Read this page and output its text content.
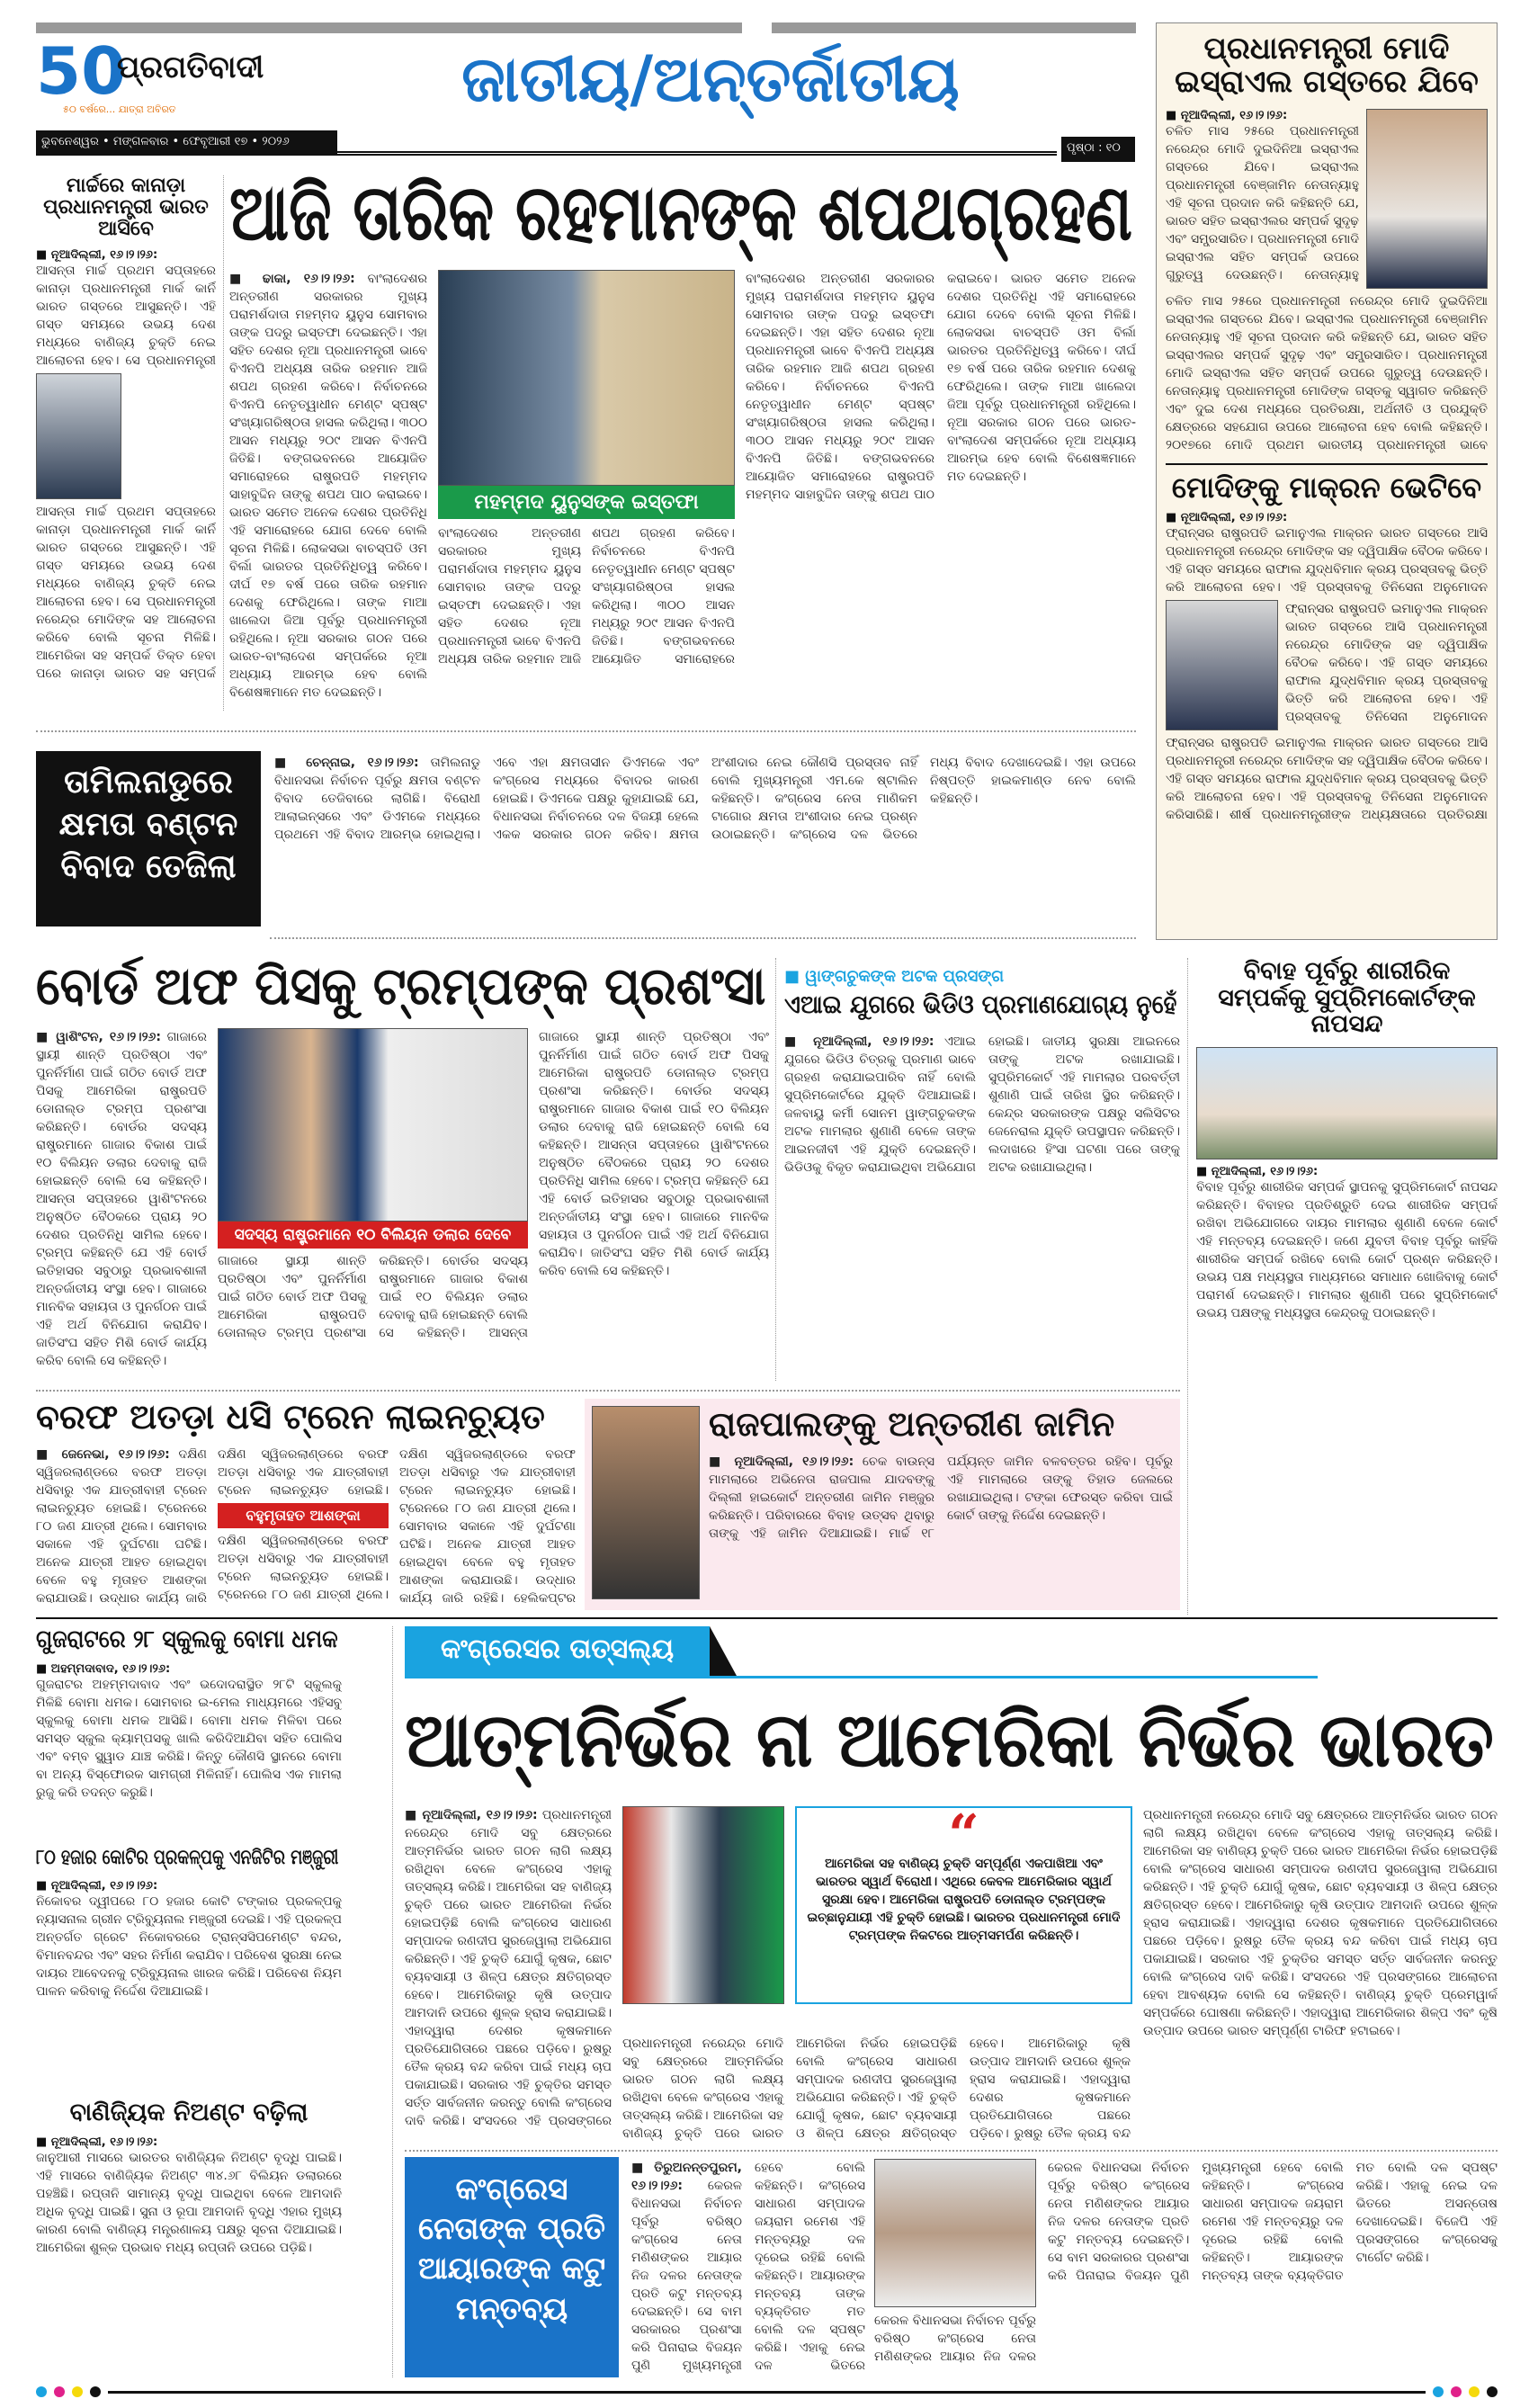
50
ପ୍ରଗତିବାଦୀ
୫୦ ବର୍ଷରେ... ଯାତ୍ରା ଅବିରତ	ଜାତୀୟ/ଅନ୍ତର୍ଜାତୀୟ
ଭୁବନେଶ୍ୱର • ମଙ୍ଗଳବାର • ଫେବୃଆରୀ ୧୭ • ୨୦୨୬	ପୃଷ୍ଠା : ୧୦
ମାର୍ଚ୍ଚରେ କାନାଡ଼ା ପ୍ରଧାନମନ୍ତ୍ରୀ ଭାରତ ଆସିବେ
■ ନୂଆଦିଲ୍ଲୀ, ୧୬।୨।୨୬:
ଆସନ୍ତା ମାର୍ଚ୍ଚ ପ୍ରଥମ ସପ୍ତାହରେ କାନାଡ଼ା ପ୍ରଧାନମନ୍ତ୍ରୀ ମାର୍କ କାର୍ନି ଭାରତ ଗସ୍ତରେ ଆସୁଛନ୍ତି। ଏହି ଗସ୍ତ ସମୟରେ ଉଭୟ ଦେଶ ମଧ୍ୟରେ ବାଣିଜ୍ୟ ଚୁକ୍ତି ନେଇ ଆଲୋଚନା ହେବ। ସେ ପ୍ରଧାନମନ୍ତ୍ରୀ
ଆସନ୍ତା ମାର୍ଚ୍ଚ ପ୍ରଥମ ସପ୍ତାହରେ କାନାଡ଼ା ପ୍ରଧାନମନ୍ତ୍ରୀ ମାର୍କ କାର୍ନି ଭାରତ ଗସ୍ତରେ ଆସୁଛନ୍ତି। ଏହି ଗସ୍ତ ସମୟରେ ଉଭୟ ଦେଶ ମଧ୍ୟରେ ବାଣିଜ୍ୟ ଚୁକ୍ତି ନେଇ ଆଲୋଚନା ହେବ। ସେ ପ୍ରଧାନମନ୍ତ୍ରୀ ନରେନ୍ଦ୍ର ମୋଦିଙ୍କ ସହ ଆଲୋଚନା କରିବେ ବୋଲି ସୂଚନା ମିଳିଛି। ଆମେରିକା ସହ ସମ୍ପର୍କ ତିକ୍ତ ହେବା ପରେ କାନାଡ଼ା ଭାରତ ସହ ସମ୍ପର୍କ
ଆଜି ତାରିକ ରହମାନଙ୍କ ଶପଥଗ୍ରହଣ
■ ଢାକା, ୧୬।୨।୨୬: ବାଂଲାଦେଶର ଅନ୍ତରୀଣ ସରକାରର ମୁଖ୍ୟ ପରାମର୍ଶଦାତା ମହମ୍ମଦ ୟୁନୁସ ସୋମବାର ତାଙ୍କ ପଦରୁ ଇସ୍ତଫା ଦେଇଛନ୍ତି। ଏହା ସହିତ ଦେଶର ନୂଆ ପ୍ରଧାନମନ୍ତ୍ରୀ ଭାବେ ବିଏନପି ଅଧ୍ୟକ୍ଷ ତାରିକ ରହମାନ ଆଜି ଶପଥ ଗ୍ରହଣ କରିବେ। ନିର୍ବାଚନରେ ବିଏନପି ନେତୃତ୍ୱାଧୀନ ମେଣ୍ଟ ସ୍ପଷ୍ଟ ସଂଖ୍ୟାଗରିଷ୍ଠତା ହାସଲ କରିଥିଲା। ୩୦୦ ଆସନ ମଧ୍ୟରୁ ୨୦୯ ଆସନ ବିଏନପି ଜିତିଛି। ବଙ୍ଗଭବନରେ ଆୟୋଜିତ ସମାରୋହରେ ରାଷ୍ଟ୍ରପତି ମହମ୍ମଦ ସାହାବୁଦ୍ଦିନ ତାଙ୍କୁ ଶପଥ ପାଠ କରାଇବେ। ଭାରତ ସମେତ ଅନେକ ଦେଶର ପ୍ରତିନିଧି ଏହି ସମାରୋହରେ ଯୋଗ ଦେବେ ବୋଲି ସୂଚନା ମିଳିଛି। ଲୋକସଭା ବାଚସ୍ପତି ଓମ ବିର୍ଲା ଭାରତର ପ୍ରତିନିଧିତ୍ୱ କରିବେ। ଦୀର୍ଘ ୧୭ ବର୍ଷ ପରେ ତାରିକ ରହମାନ ଦେଶକୁ ଫେରିଥିଲେ। ତାଙ୍କ ମାଆ ଖାଲେଦା ଜିଆ ପୂର୍ବରୁ ପ୍ରଧାନମନ୍ତ୍ରୀ ରହିଥିଲେ। ନୂଆ ସରକାର ଗଠନ ପରେ ଭାରତ-ବାଂଲାଦେଶ ସମ୍ପର୍କରେ ନୂଆ ଅଧ୍ୟାୟ ଆରମ୍ଭ ହେବ ବୋଲି ବିଶେଷଜ୍ଞମାନେ ମତ ଦେଇଛନ୍ତି।
ମହମ୍ମଦ ୟୁନୁସଙ୍କ ଇସ୍ତଫା
ବାଂଲାଦେଶର ଅନ୍ତରୀଣ ସରକାରର ମୁଖ୍ୟ ପରାମର୍ଶଦାତା ମହମ୍ମଦ ୟୁନୁସ ସୋମବାର ତାଙ୍କ ପଦରୁ ଇସ୍ତଫା ଦେଇଛନ୍ତି। ଏହା ସହିତ ଦେଶର ନୂଆ ପ୍ରଧାନମନ୍ତ୍ରୀ ଭାବେ ବିଏନପି ଅଧ୍ୟକ୍ଷ ତାରିକ ରହମାନ ଆଜି ଶପଥ ଗ୍ରହଣ କରିବେ। ନିର୍ବାଚନରେ ବିଏନପି ନେତୃତ୍ୱାଧୀନ ମେଣ୍ଟ ସ୍ପଷ୍ଟ ସଂଖ୍ୟାଗରିଷ୍ଠତା ହାସଲ କରିଥିଲା। ୩୦୦ ଆସନ ମଧ୍ୟରୁ ୨୦୯ ଆସନ ବିଏନପି ଜିତିଛି। ବଙ୍ଗଭବନରେ ଆୟୋଜିତ ସମାରୋହରେ
ବାଂଲାଦେଶର ଅନ୍ତରୀଣ ସରକାରର ମୁଖ୍ୟ ପରାମର୍ଶଦାତା ମହମ୍ମଦ ୟୁନୁସ ସୋମବାର ତାଙ୍କ ପଦରୁ ଇସ୍ତଫା ଦେଇଛନ୍ତି। ଏହା ସହିତ ଦେଶର ନୂଆ ପ୍ରଧାନମନ୍ତ୍ରୀ ଭାବେ ବିଏନପି ଅଧ୍ୟକ୍ଷ ତାରିକ ରହମାନ ଆଜି ଶପଥ ଗ୍ରହଣ କରିବେ। ନିର୍ବାଚନରେ ବିଏନପି ନେତୃତ୍ୱାଧୀନ ମେଣ୍ଟ ସ୍ପଷ୍ଟ ସଂଖ୍ୟାଗରିଷ୍ଠତା ହାସଲ କରିଥିଲା। ୩୦୦ ଆସନ ମଧ୍ୟରୁ ୨୦୯ ଆସନ ବିଏନପି ଜିତିଛି। ବଙ୍ଗଭବନରେ ଆୟୋଜିତ ସମାରୋହରେ ରାଷ୍ଟ୍ରପତି ମହମ୍ମଦ ସାହାବୁଦ୍ଦିନ ତାଙ୍କୁ ଶପଥ ପାଠ କରାଇବେ। ଭାରତ ସମେତ ଅନେକ ଦେଶର ପ୍ରତିନିଧି ଏହି ସମାରୋହରେ ଯୋଗ ଦେବେ ବୋଲି ସୂଚନା ମିଳିଛି। ଲୋକସଭା ବାଚସ୍ପତି ଓମ ବିର୍ଲା ଭାରତର ପ୍ରତିନିଧିତ୍ୱ କରିବେ। ଦୀର୍ଘ ୧୭ ବର୍ଷ ପରେ ତାରିକ ରହମାନ ଦେଶକୁ ଫେରିଥିଲେ। ତାଙ୍କ ମାଆ ଖାଲେଦା ଜିଆ ପୂର୍ବରୁ ପ୍ରଧାନମନ୍ତ୍ରୀ ରହିଥିଲେ। ନୂଆ ସରକାର ଗଠନ ପରେ ଭାରତ-ବାଂଲାଦେଶ ସମ୍ପର୍କରେ ନୂଆ ଅଧ୍ୟାୟ ଆରମ୍ଭ ହେବ ବୋଲି ବିଶେଷଜ୍ଞମାନେ ମତ ଦେଇଛନ୍ତି।
ପ୍ରଧାନମନ୍ତ୍ରୀ ମୋଦି ଇସ୍ରାଏଲ ଗସ୍ତରେ ଯିବେ
■ ନୂଆଦିଲ୍ଲୀ, ୧୬।୨।୨୬:
ଚଳିତ ମାସ ୨୫ରେ ପ୍ରଧାନମନ୍ତ୍ରୀ ନରେନ୍ଦ୍ର ମୋଦି ଦୁଇଦିନିଆ ଇସ୍ରାଏଲ ଗସ୍ତରେ ଯିବେ। ଇସ୍ରାଏଲ ପ୍ରଧାନମନ୍ତ୍ରୀ ବେଞ୍ଜାମିନ ନେତାନ୍ୟାହୁ ଏହି ସୂଚନା ପ୍ରଦାନ କରି କହିଛନ୍ତି ଯେ, ଭାରତ ସହିତ ଇସ୍ରାଏଲର ସମ୍ପର୍କ ସୁଦୃଢ଼ ଏବଂ ସମ୍ପ୍ରସାରିତ। ପ୍ରଧାନମନ୍ତ୍ରୀ ମୋଦି ଇସ୍ରାଏଲ ସହିତ ସମ୍ପର୍କ ଉପରେ ଗୁରୁତ୍ୱ ଦେଉଛନ୍ତି। ନେତାନ୍ୟାହୁ
ଚଳିତ ମାସ ୨୫ରେ ପ୍ରଧାନମନ୍ତ୍ରୀ ନରେନ୍ଦ୍ର ମୋଦି ଦୁଇଦିନିଆ ଇସ୍ରାଏଲ ଗସ୍ତରେ ଯିବେ। ଇସ୍ରାଏଲ ପ୍ରଧାନମନ୍ତ୍ରୀ ବେଞ୍ଜାମିନ ନେତାନ୍ୟାହୁ ଏହି ସୂଚନା ପ୍ରଦାନ କରି କହିଛନ୍ତି ଯେ, ଭାରତ ସହିତ ଇସ୍ରାଏଲର ସମ୍ପର୍କ ସୁଦୃଢ଼ ଏବଂ ସମ୍ପ୍ରସାରିତ। ପ୍ରଧାନମନ୍ତ୍ରୀ ମୋଦି ଇସ୍ରାଏଲ ସହିତ ସମ୍ପର୍କ ଉପରେ ଗୁରୁତ୍ୱ ଦେଉଛନ୍ତି। ନେତାନ୍ୟାହୁ ପ୍ରଧାନମନ୍ତ୍ରୀ ମୋଦିଙ୍କ ଗସ୍ତକୁ ସ୍ୱାଗତ କରିଛନ୍ତି ଏବଂ ଦୁଇ ଦେଶ ମଧ୍ୟରେ ପ୍ରତିରକ୍ଷା, ଅର୍ଥନୀତି ଓ ପ୍ରଯୁକ୍ତି କ୍ଷେତ୍ରରେ ସହଯୋଗ ଉପରେ ଆଲୋଚନା ହେବ ବୋଲି କହିଛନ୍ତି। ୨୦୧୭ରେ ମୋଦି ପ୍ରଥମ ଭାରତୀୟ ପ୍ରଧାନମନ୍ତ୍ରୀ ଭାବେ
ମୋଦିଙ୍କୁ ମାକ୍ରନ ଭେଟିବେ
■ ନୂଆଦିଲ୍ଲୀ, ୧୬।୨।୨୬:
ଫ୍ରାନ୍ସର ରାଷ୍ଟ୍ରପତି ଇମାନୁଏଲ ମାକ୍ରନ ଭାରତ ଗସ୍ତରେ ଆସି ପ୍ରଧାନମନ୍ତ୍ରୀ ନରେନ୍ଦ୍ର ମୋଦିଙ୍କ ସହ ଦ୍ୱିପାକ୍ଷିକ ବୈଠକ କରିବେ। ଏହି ଗସ୍ତ ସମୟରେ ରାଫାଲ ଯୁଦ୍ଧବିମାନ କ୍ରୟ ପ୍ରସ୍ତାବକୁ ଭିତ୍ତି କରି ଆଲୋଚନା ହେବ। ଏହି ପ୍ରସ୍ତାବକୁ ତିନିସେନା ଅନୁମୋଦନ
ଫ୍ରାନ୍ସର ରାଷ୍ଟ୍ରପତି ଇମାନୁଏଲ ମାକ୍ରନ ଭାରତ ଗସ୍ତରେ ଆସି ପ୍ରଧାନମନ୍ତ୍ରୀ ନରେନ୍ଦ୍ର ମୋଦିଙ୍କ ସହ ଦ୍ୱିପାକ୍ଷିକ ବୈଠକ କରିବେ। ଏହି ଗସ୍ତ ସମୟରେ ରାଫାଲ ଯୁଦ୍ଧବିମାନ କ୍ରୟ ପ୍ରସ୍ତାବକୁ ଭିତ୍ତି କରି ଆଲୋଚନା ହେବ। ଏହି ପ୍ରସ୍ତାବକୁ ତିନିସେନା ଅନୁମୋଦନ
ଫ୍ରାନ୍ସର ରାଷ୍ଟ୍ରପତି ଇମାନୁଏଲ ମାକ୍ରନ ଭାରତ ଗସ୍ତରେ ଆସି ପ୍ରଧାନମନ୍ତ୍ରୀ ନରେନ୍ଦ୍ର ମୋଦିଙ୍କ ସହ ଦ୍ୱିପାକ୍ଷିକ ବୈଠକ କରିବେ। ଏହି ଗସ୍ତ ସମୟରେ ରାଫାଲ ଯୁଦ୍ଧବିମାନ କ୍ରୟ ପ୍ରସ୍ତାବକୁ ଭିତ୍ତି କରି ଆଲୋଚନା ହେବ। ଏହି ପ୍ରସ୍ତାବକୁ ତିନିସେନା ଅନୁମୋଦନ କରିସାରିଛି। ଶୀର୍ଷ ପ୍ରଧାନମନ୍ତ୍ରୀଙ୍କ ଅଧ୍ୟକ୍ଷତାରେ ପ୍ରତିରକ୍ଷା
ତାମିଲନାଡୁରେ କ୍ଷମତା ବଣ୍ଟନ ବିବାଦ ତେଜିଲା
■ ଚେନ୍ନାଇ, ୧୬।୨।୨୬: ତାମିଲନାଡୁ ବିଧାନସଭା ନିର୍ବାଚନ ପୂର୍ବରୁ କ୍ଷମତା ବଣ୍ଟନ ବିବାଦ ତେଜିବାରେ ଲାଗିଛି। ବିରୋଧୀ ଆଲାଇନ୍ସରେ ଏବଂ ଡିଏମକେ ମଧ୍ୟରେ ପ୍ରଥମେ ଏହି ବିବାଦ ଆରମ୍ଭ ହୋଇଥିଲା। ଏବେ ଏହା କ୍ଷମତାସୀନ ଡିଏମକେ ଏବଂ କଂଗ୍ରେସ ମଧ୍ୟରେ ବିବାଦର କାରଣ ହୋଇଛି। ଡିଏମକେ ପକ୍ଷରୁ କୁହାଯାଇଛି ଯେ, ବିଧାନସଭା ନିର୍ବାଚନରେ ଦଳ ବିଜୟୀ ହେଲେ ଏକକ ସରକାର ଗଠନ କରିବ। କ୍ଷମତା ଅଂଶୀଦାର ନେଇ କୌଣସି ପ୍ରସ୍ତାବ ନାହିଁ ବୋଲି ମୁଖ୍ୟମନ୍ତ୍ରୀ ଏମ.କେ ଷ୍ଟାଲିନ କହିଛନ୍ତି। କଂଗ୍ରେସ ନେତା ମାଣିକମ ଟାଗୋର କ୍ଷମତା ଅଂଶୀଦାର ନେଇ ପ୍ରଶ୍ନ ଉଠାଇଛନ୍ତି। କଂଗ୍ରେସ ଦଳ ଭିତରେ ମଧ୍ୟ ବିବାଦ ଦେଖାଦେଇଛି। ଏହା ଉପରେ ନିଷ୍ପତ୍ତି ହାଇକମାଣ୍ଡ ନେବ ବୋଲି କହିଛନ୍ତି।
ବୋର୍ଡ ଅଫ ପିସକୁ ଟ୍ରମ୍ପଙ୍କ ପ୍ରଶଂସା
■ ୱାଶିଂଟନ, ୧୬।୨।୨୬: ଗାଜାରେ ସ୍ଥାୟୀ ଶାନ୍ତି ପ୍ରତିଷ୍ଠା ଏବଂ ପୁନର୍ନିର୍ମାଣ ପାଇଁ ଗଠିତ ବୋର୍ଡ ଅଫ ପିସକୁ ଆମେରିକା ରାଷ୍ଟ୍ରପତି ଡୋନାଲ୍ଡ ଟ୍ରମ୍ପ ପ୍ରଶଂସା କରିଛନ୍ତି। ବୋର୍ଡର ସଦସ୍ୟ ରାଷ୍ଟ୍ରମାନେ ଗାଜାର ବିକାଶ ପାଇଁ ୧୦ ବିଲିୟନ ଡଲାର ଦେବାକୁ ରାଜି ହୋଇଛନ୍ତି ବୋଲି ସେ କହିଛନ୍ତି। ଆସନ୍ତା ସପ୍ତାହରେ ୱାଶିଂଟନରେ ଅନୁଷ୍ଠିତ ବୈଠକରେ ପ୍ରାୟ ୨୦ ଦେଶର ପ୍ରତିନିଧି ସାମିଲ ହେବେ। ଟ୍ରମ୍ପ କହିଛନ୍ତି ଯେ ଏହି ବୋର୍ଡ ଇତିହାସର ସବୁଠାରୁ ପ୍ରଭାବଶାଳୀ ଅନ୍ତର୍ଜାତୀୟ ସଂସ୍ଥା ହେବ। ଗାଜାରେ ମାନବିକ ସହାୟତା ଓ ପୁନର୍ଗଠନ ପାଇଁ ଏହି ଅର୍ଥ ବିନିଯୋଗ କରାଯିବ। ଜାତିସଂଘ ସହିତ ମିଶି ବୋର୍ଡ କାର୍ଯ୍ୟ କରିବ ବୋଲି ସେ କହିଛନ୍ତି।
ସଦସ୍ୟ ରାଷ୍ଟ୍ରମାନେ ୧୦ ବିଲିୟନ ଡଲାର ଦେବେ
ଗାଜାରେ ସ୍ଥାୟୀ ଶାନ୍ତି ପ୍ରତିଷ୍ଠା ଏବଂ ପୁନର୍ନିର୍ମାଣ ପାଇଁ ଗଠିତ ବୋର୍ଡ ଅଫ ପିସକୁ ଆମେରିକା ରାଷ୍ଟ୍ରପତି ଡୋନାଲ୍ଡ ଟ୍ରମ୍ପ ପ୍ରଶଂସା କରିଛନ୍ତି। ବୋର୍ଡର ସଦସ୍ୟ ରାଷ୍ଟ୍ରମାନେ ଗାଜାର ବିକାଶ ପାଇଁ ୧୦ ବିଲିୟନ ଡଲାର ଦେବାକୁ ରାଜି ହୋଇଛନ୍ତି ବୋଲି ସେ କହିଛନ୍ତି। ଆସନ୍ତା
ଗାଜାରେ ସ୍ଥାୟୀ ଶାନ୍ତି ପ୍ରତିଷ୍ଠା ଏବଂ ପୁନର୍ନିର୍ମାଣ ପାଇଁ ଗଠିତ ବୋର୍ଡ ଅଫ ପିସକୁ ଆମେରିକା ରାଷ୍ଟ୍ରପତି ଡୋନାଲ୍ଡ ଟ୍ରମ୍ପ ପ୍ରଶଂସା କରିଛନ୍ତି। ବୋର୍ଡର ସଦସ୍ୟ ରାଷ୍ଟ୍ରମାନେ ଗାଜାର ବିକାଶ ପାଇଁ ୧୦ ବିଲିୟନ ଡଲାର ଦେବାକୁ ରାଜି ହୋଇଛନ୍ତି ବୋଲି ସେ କହିଛନ୍ତି। ଆସନ୍ତା ସପ୍ତାହରେ ୱାଶିଂଟନରେ ଅନୁଷ୍ଠିତ ବୈଠକରେ ପ୍ରାୟ ୨୦ ଦେଶର ପ୍ରତିନିଧି ସାମିଲ ହେବେ। ଟ୍ରମ୍ପ କହିଛନ୍ତି ଯେ ଏହି ବୋର୍ଡ ଇତିହାସର ସବୁଠାରୁ ପ୍ରଭାବଶାଳୀ ଅନ୍ତର୍ଜାତୀୟ ସଂସ୍ଥା ହେବ। ଗାଜାରେ ମାନବିକ ସହାୟତା ଓ ପୁନର୍ଗଠନ ପାଇଁ ଏହି ଅର୍ଥ ବିନିଯୋଗ କରାଯିବ। ଜାତିସଂଘ ସହିତ ମିଶି ବୋର୍ଡ କାର୍ଯ୍ୟ କରିବ ବୋଲି ସେ କହିଛନ୍ତି।
■ ୱାଙ୍ଗଚୁକଙ୍କ ଅଟକ ପ୍ରସଙ୍ଗ
ଏଆଇ ଯୁଗରେ ଭିଡିଓ ପ୍ରମାଣଯୋଗ୍ୟ ନୁହେଁ
■ ନୂଆଦିଲ୍ଲୀ, ୧୬।୨।୨୬: ଏଆଇ ଯୁଗରେ ଭିଡିଓ ଚିତ୍ରକୁ ପ୍ରମାଣ ଭାବେ ଗ୍ରହଣ କରାଯାଇପାରିବ ନାହିଁ ବୋଲି ସୁପ୍ରିମକୋର୍ଟରେ ଯୁକ୍ତି ଦିଆଯାଇଛି। ଜଳବାୟୁ କର୍ମୀ ସୋନମ ୱାଙ୍ଗଚୁକଙ୍କ ଅଟକ ମାମଲାର ଶୁଣାଣି ବେଳେ ତାଙ୍କ ଆଇନଜୀବୀ ଏହି ଯୁକ୍ତି ଦେଇଛନ୍ତି। ଭିଡିଓକୁ ବିକୃତ କରାଯାଇଥିବା ଅଭିଯୋଗ ହୋଇଛି। ଜାତୀୟ ସୁରକ୍ଷା ଆଇନରେ ତାଙ୍କୁ ଅଟକ ରଖାଯାଇଛି। ସୁପ୍ରିମକୋର୍ଟ ଏହି ମାମଲାର ପରବର୍ତ୍ତୀ ଶୁଣାଣି ପାଇଁ ତାରିଖ ସ୍ଥିର କରିଛନ୍ତି। କେନ୍ଦ୍ର ସରକାରଙ୍କ ପକ୍ଷରୁ ସଲିସିଟର ଜେନେରାଲ ଯୁକ୍ତି ଉପସ୍ଥାପନ କରିଛନ୍ତି। ଲଦାଖରେ ହିଂସା ଘଟଣା ପରେ ତାଙ୍କୁ ଅଟକ ରଖାଯାଇଥିଲା।
ବିବାହ ପୂର୍ବରୁ ଶାରୀରିକ ସମ୍ପର୍କକୁ ସୁପ୍ରିମକୋର୍ଟଙ୍କ ନାପସନ୍ଦ
■ ନୂଆଦିଲ୍ଲୀ, ୧୬।୨।୨୬:
ବିବାହ ପୂର୍ବରୁ ଶାରୀରିକ ସମ୍ପର୍କ ସ୍ଥାପନକୁ ସୁପ୍ରିମକୋର୍ଟ ନାପସନ୍ଦ କରିଛନ୍ତି। ବିବାହର ପ୍ରତିଶ୍ରୁତି ଦେଇ ଶାରୀରିକ ସମ୍ପର୍କ ରଖିବା ଅଭିଯୋଗରେ ଦାୟର ମାମଲାର ଶୁଣାଣି ବେଳେ କୋର୍ଟ ଏହି ମନ୍ତବ୍ୟ ଦେଇଛନ୍ତି। ଜଣେ ଯୁବତୀ ବିବାହ ପୂର୍ବରୁ କାହିଁକି ଶାରୀରିକ ସମ୍ପର୍କ ରଖିବେ ବୋଲି କୋର୍ଟ ପ୍ରଶ୍ନ କରିଛନ୍ତି। ଉଭୟ ପକ୍ଷ ମଧ୍ୟସ୍ଥତା ମାଧ୍ୟମରେ ସମାଧାନ ଖୋଜିବାକୁ କୋର୍ଟ ପରାମର୍ଶ ଦେଇଛନ୍ତି। ମାମଲାର ଶୁଣାଣି ପରେ ସୁପ୍ରିମକୋର୍ଟ ଉଭୟ ପକ୍ଷଙ୍କୁ ମଧ୍ୟସ୍ଥତା କେନ୍ଦ୍ରକୁ ପଠାଇଛନ୍ତି।
ବରଫ ଅତଡ଼ା ଧସି ଟ୍ରେନ ଲାଇନଚ୍ୟୁତ
■ ଜେନେଭା, ୧୬।୨।୨୬: ଦକ୍ଷିଣ ସ୍ୱିଜରଲାଣ୍ଡରେ ବରଫ ଅତଡ଼ା ଧସିବାରୁ ଏକ ଯାତ୍ରୀବାହୀ ଟ୍ରେନ ଲାଇନଚ୍ୟୁତ ହୋଇଛି। ଟ୍ରେନରେ ୮୦ ଜଣ ଯାତ୍ରୀ ଥିଲେ। ସୋମବାର ସକାଳେ ଏହି ଦୁର୍ଘଟଣା ଘଟିଛି। ଅନେକ ଯାତ୍ରୀ ଆହତ ହୋଇଥିବା ବେଳେ ବହୁ ମୃତାହତ ଆଶଙ୍କା କରାଯାଉଛି। ଉଦ୍ଧାର କାର୍ଯ୍ୟ ଜାରି
ଦକ୍ଷିଣ ସ୍ୱିଜରଲାଣ୍ଡରେ ବରଫ ଅତଡ଼ା ଧସିବାରୁ ଏକ ଯାତ୍ରୀବାହୀ ଟ୍ରେନ ଲାଇନଚ୍ୟୁତ ହୋଇଛି।
ବହୁମୃତାହତ ଆଶଙ୍କା
ଦକ୍ଷିଣ ସ୍ୱିଜରଲାଣ୍ଡରେ ବରଫ ଅତଡ଼ା ଧସିବାରୁ ଏକ ଯାତ୍ରୀବାହୀ ଟ୍ରେନ ଲାଇନଚ୍ୟୁତ ହୋଇଛି। ଟ୍ରେନରେ ୮୦ ଜଣ ଯାତ୍ରୀ ଥିଲେ।
ଦକ୍ଷିଣ ସ୍ୱିଜରଲାଣ୍ଡରେ ବରଫ ଅତଡ଼ା ଧସିବାରୁ ଏକ ଯାତ୍ରୀବାହୀ ଟ୍ରେନ ଲାଇନଚ୍ୟୁତ ହୋଇଛି। ଟ୍ରେନରେ ୮୦ ଜଣ ଯାତ୍ରୀ ଥିଲେ। ସୋମବାର ସକାଳେ ଏହି ଦୁର୍ଘଟଣା ଘଟିଛି। ଅନେକ ଯାତ୍ରୀ ଆହତ ହୋଇଥିବା ବେଳେ ବହୁ ମୃତାହତ ଆଶଙ୍କା କରାଯାଉଛି। ଉଦ୍ଧାର କାର୍ଯ୍ୟ ଜାରି ରହିଛି। ହେଲିକପ୍ଟର
ରାଜପାଲଙ୍କୁ ଅନ୍ତରୀଣ ଜାମିନ
■ ନୂଆଦିଲ୍ଲୀ, ୧୬।୨।୨୬: ଚେକ ବାଉନ୍ସ ମାମଲାରେ ଅଭିନେତା ରାଜପାଲ ଯାଦବଙ୍କୁ ଦିଲ୍ଲୀ ହାଇକୋର୍ଟ ଅନ୍ତରୀଣ ଜାମିନ ମଞ୍ଜୁର କରିଛନ୍ତି। ପରିବାରରେ ବିବାହ ଉତ୍ସବ ଥିବାରୁ ତାଙ୍କୁ ଏହି ଜାମିନ ଦିଆଯାଇଛି। ମାର୍ଚ୍ଚ ୧୮ ପର୍ଯ୍ୟନ୍ତ ଜାମିନ ବଳବତ୍ତର ରହିବ। ପୂର୍ବରୁ ଏହି ମାମଲାରେ ତାଙ୍କୁ ତିହାଡ ଜେଲରେ ରଖାଯାଇଥିଲା। ଟଙ୍କା ଫେରସ୍ତ କରିବା ପାଇଁ କୋର୍ଟ ତାଙ୍କୁ ନିର୍ଦ୍ଦେଶ ଦେଇଛନ୍ତି।
ଗୁଜରାଟରେ ୨୮ ସ୍କୁଲକୁ ବୋମା ଧମକ
■ ଅହମ୍ମଦାବାଦ, ୧୬।୨।୨୬:
ଗୁଜରାଟର ଅହମ୍ମଦାବାଦ ଏବଂ ଭଦୋଦରାସ୍ଥିତ ୨୮ଟି ସ୍କୁଲକୁ ମିଳିଛି ବୋମା ଧମକ। ସୋମବାର ଇ-ମେଲ ମାଧ୍ୟମରେ ଏହିସବୁ ସ୍କୁଲକୁ ବୋମା ଧମକ ଆସିଛି। ବୋମା ଧମକ ମିଳିବା ପରେ ସମସ୍ତ ସ୍କୁଲ କ୍ୟାମ୍ପସକୁ ଖାଲି କରିଦିଆଯିବା ସହିତ ପୋଲିସ ଏବଂ ବମ୍ବ ସ୍କ୍ୱାଡ ଯାଞ୍ଚ କରିଛି। କିନ୍ତୁ କୌଣସି ସ୍ଥାନରେ ବୋମା ବା ଅନ୍ୟ ବିସ୍ଫୋରକ ସାମଗ୍ରୀ ମିଳିନାହିଁ। ପୋଲିସ ଏକ ମାମଲା ରୁଜୁ କରି ତଦନ୍ତ କରୁଛି।
୮୦ ହଜାର କୋଟିର ପ୍ରକଳ୍ପକୁ ଏନଜିଟିର ମଞ୍ଜୁରୀ
■ ନୂଆଦିଲ୍ଲୀ, ୧୬।୨।୨୬:
ନିକୋବର ଦ୍ୱୀପରେ ୮୦ ହଜାର କୋଟି ଟଙ୍କାର ପ୍ରକଳ୍ପକୁ ନ୍ୟାସନାଲ ଗ୍ରୀନ ଟ୍ରିବ୍ୟୁନାଲ ମଞ୍ଜୁରୀ ଦେଇଛି। ଏହି ପ୍ରକଳ୍ପ ଅନ୍ତର୍ଗତ ଗ୍ରେଟ ନିକୋବରରେ ଟ୍ରାନ୍ସସିପମେଣ୍ଟ ବନ୍ଦର, ବିମାନବନ୍ଦର ଏବଂ ସହର ନିର୍ମାଣ କରାଯିବ। ପରିବେଶ ସୁରକ୍ଷା ନେଇ ଦାୟର ଆବେଦନକୁ ଟ୍ରିବ୍ୟୁନାଲ ଖାରଜ କରିଛି। ପରିବେଶ ନିୟମ ପାଳନ କରିବାକୁ ନିର୍ଦ୍ଦେଶ ଦିଆଯାଇଛି।
ବାଣିଜ୍ୟିକ ନିଅଣ୍ଟ ବଢ଼ିଲା
■ ନୂଆଦିଲ୍ଲୀ, ୧୬।୨।୨୬:
ଜାନୁଆରୀ ମାସରେ ଭାରତର ବାଣିଜ୍ୟିକ ନିଅଣ୍ଟ ବୃଦ୍ଧି ପାଇଛି। ଏହି ମାସରେ ବାଣିଜ୍ୟିକ ନିଅଣ୍ଟ ୩୪.୬୮ ବିଲିୟନ ଡଲାରରେ ପହଞ୍ଚିଛି। ରପ୍ତାନି ସାମାନ୍ୟ ବୃଦ୍ଧି ପାଇଥିବା ବେଳେ ଆମଦାନି ଅଧିକ ବୃଦ୍ଧି ପାଇଛି। ସୁନା ଓ ରୂପା ଆମଦାନି ବୃଦ୍ଧି ଏହାର ମୁଖ୍ୟ କାରଣ ବୋଲି ବାଣିଜ୍ୟ ମନ୍ତ୍ରଣାଳୟ ପକ୍ଷରୁ ସୂଚନା ଦିଆଯାଇଛି। ଆମେରିକା ଶୁଳ୍କ ପ୍ରଭାବ ମଧ୍ୟ ରପ୍ତାନି ଉପରେ ପଡ଼ିଛି।
କଂଗ୍ରେସର ତାତ୍ସଲ୍ୟ
ଆତ୍ମନିର୍ଭର ନା ଆମେରିକା ନିର୍ଭର ଭାରତ
■ ନୂଆଦିଲ୍ଲୀ, ୧୬।୨।୨୬: ପ୍ରଧାନମନ୍ତ୍ରୀ ନରେନ୍ଦ୍ର ମୋଦି ସବୁ କ୍ଷେତ୍ରରେ ଆତ୍ମନିର୍ଭର ଭାରତ ଗଠନ ଲାଗି ଲକ୍ଷ୍ୟ ରଖିଥିବା ବେଳେ କଂଗ୍ରେସ ଏହାକୁ ତାତ୍ସଲ୍ୟ କରିଛି। ଆମେରିକା ସହ ବାଣିଜ୍ୟ ଚୁକ୍ତି ପରେ ଭାରତ ଆମେରିକା ନିର୍ଭର ହୋଇପଡ଼ିଛି ବୋଲି କଂଗ୍ରେସ ସାଧାରଣ ସମ୍ପାଦକ ରଣଦୀପ ସୁରଜେୱାଲା ଅଭିଯୋଗ କରିଛନ୍ତି। ଏହି ଚୁକ୍ତି ଯୋଗୁଁ କୃଷକ, ଛୋଟ ବ୍ୟବସାୟୀ ଓ ଶିଳ୍ପ କ୍ଷେତ୍ର କ୍ଷତିଗ୍ରସ୍ତ ହେବେ। ଆମେରିକାରୁ କୃଷି ଉତ୍ପାଦ ଆମଦାନି ଉପରେ ଶୁଳ୍କ ହ୍ରାସ କରାଯାଇଛି। ଏହାଦ୍ୱାରା ଦେଶର କୃଷକମାନେ ପ୍ରତିଯୋଗିତାରେ ପଛରେ ପଡ଼ିବେ। ରୁଷରୁ ତୈଳ କ୍ରୟ ବନ୍ଦ କରିବା ପାଇଁ ମଧ୍ୟ ଚାପ ପକାଯାଇଛି। ସରକାର ଏହି ଚୁକ୍ତିର ସମସ୍ତ ସର୍ତ୍ତ ସାର୍ବଜନୀନ କରନ୍ତୁ ବୋଲି କଂଗ୍ରେସ ଦାବି କରିଛି। ସଂସଦରେ ଏହି ପ୍ରସଙ୍ଗରେ
“
ଆମେରିକା ସହ ବାଣିଜ୍ୟ ଚୁକ୍ତି ସମ୍ପୂର୍ଣ୍ଣ ଏକପାଖିଆ ଏବଂ ଭାରତର ସ୍ୱାର୍ଥ ବିରୋଧୀ। ଏଥିରେ କେବଳ ଆମେରିକାର ସ୍ୱାର୍ଥ ସୁରକ୍ଷା ହେବ। ଆମେରିକା ରାଷ୍ଟ୍ରପତି ଡୋନାଲ୍ଡ ଟ୍ରମ୍ପଙ୍କ ଇଚ୍ଛାନୁଯାୟୀ ଏହି ଚୁକ୍ତି ହୋଇଛି। ଭାରତର ପ୍ରଧାନମନ୍ତ୍ରୀ ମୋଦି ଟ୍ରମ୍ପଙ୍କ ନିକଟରେ ଆତ୍ମସମର୍ପଣ କରିଛନ୍ତି।
ପ୍ରଧାନମନ୍ତ୍ରୀ ନରେନ୍ଦ୍ର ମୋଦି ସବୁ କ୍ଷେତ୍ରରେ ଆତ୍ମନିର୍ଭର ଭାରତ ଗଠନ ଲାଗି ଲକ୍ଷ୍ୟ ରଖିଥିବା ବେଳେ କଂଗ୍ରେସ ଏହାକୁ ତାତ୍ସଲ୍ୟ କରିଛି। ଆମେରିକା ସହ ବାଣିଜ୍ୟ ଚୁକ୍ତି ପରେ ଭାରତ ଆମେରିକା ନିର୍ଭର ହୋଇପଡ଼ିଛି ବୋଲି କଂଗ୍ରେସ ସାଧାରଣ ସମ୍ପାଦକ ରଣଦୀପ ସୁରଜେୱାଲା ଅଭିଯୋଗ କରିଛନ୍ତି। ଏହି ଚୁକ୍ତି ଯୋଗୁଁ କୃଷକ, ଛୋଟ ବ୍ୟବସାୟୀ ଓ ଶିଳ୍ପ କ୍ଷେତ୍ର କ୍ଷତିଗ୍ରସ୍ତ ହେବେ। ଆମେରିକାରୁ କୃଷି ଉତ୍ପାଦ ଆମଦାନି ଉପରେ ଶୁଳ୍କ ହ୍ରାସ କରାଯାଇଛି। ଏହାଦ୍ୱାରା ଦେଶର କୃଷକମାନେ ପ୍ରତିଯୋଗିତାରେ ପଛରେ ପଡ଼ିବେ। ରୁଷରୁ ତୈଳ କ୍ରୟ ବନ୍ଦ କରିବା ପାଇଁ ମଧ୍ୟ ଚାପ ପକାଯାଇଛି। ସରକାର ଏହି ଚୁକ୍ତିର ସମସ୍ତ ସର୍ତ୍ତ ସାର୍ବଜନୀନ କରନ୍ତୁ ବୋଲି କଂଗ୍ରେସ ଦାବି କରିଛି। ସଂସଦରେ ଏହି ପ୍ରସଙ୍ଗରେ ଆଲୋଚନା ହେବା ଆବଶ୍ୟକ ବୋଲି ସେ କହିଛନ୍ତି। ବାଣିଜ୍ୟ ଚୁକ୍ତି ପ୍ରେମୱାର୍କ ସମ୍ପର୍କରେ ଘୋଷଣା କରିଛନ୍ତି। ଏହାଦ୍ୱାରା ଆମେରିକାର ଶିଳ୍ପ ଏବଂ କୃଷି ଉତ୍ପାଦ ଉପରେ ଭାରତ ସମ୍ପୂର୍ଣ୍ଣ ଟାରିଫ ହଟାଇବେ।
ପ୍ରଧାନମନ୍ତ୍ରୀ ନରେନ୍ଦ୍ର ମୋଦି ସବୁ କ୍ଷେତ୍ରରେ ଆତ୍ମନିର୍ଭର ଭାରତ ଗଠନ ଲାଗି ଲକ୍ଷ୍ୟ ରଖିଥିବା ବେଳେ କଂଗ୍ରେସ ଏହାକୁ ତାତ୍ସଲ୍ୟ କରିଛି। ଆମେରିକା ସହ ବାଣିଜ୍ୟ ଚୁକ୍ତି ପରେ ଭାରତ ଆମେରିକା ନିର୍ଭର ହୋଇପଡ଼ିଛି ବୋଲି କଂଗ୍ରେସ ସାଧାରଣ ସମ୍ପାଦକ ରଣଦୀପ ସୁରଜେୱାଲା ଅଭିଯୋଗ କରିଛନ୍ତି। ଏହି ଚୁକ୍ତି ଯୋଗୁଁ କୃଷକ, ଛୋଟ ବ୍ୟବସାୟୀ ଓ ଶିଳ୍ପ କ୍ଷେତ୍ର କ୍ଷତିଗ୍ରସ୍ତ ହେବେ। ଆମେରିକାରୁ କୃଷି ଉତ୍ପାଦ ଆମଦାନି ଉପରେ ଶୁଳ୍କ ହ୍ରାସ କରାଯାଇଛି। ଏହାଦ୍ୱାରା ଦେଶର କୃଷକମାନେ ପ୍ରତିଯୋଗିତାରେ ପଛରେ ପଡ଼ିବେ। ରୁଷରୁ ତୈଳ କ୍ରୟ ବନ୍ଦ
କଂଗ୍ରେସ ନେତାଙ୍କ ପ୍ରତି ଆୟାରଙ୍କ କଟୁ ମନ୍ତବ୍ୟ
■ ତିରୁଅନନ୍ତପୁରମ, ୧୬।୨।୨୬: କେରଳ ବିଧାନସଭା ନିର୍ବାଚନ ପୂର୍ବରୁ ବରିଷ୍ଠ କଂଗ୍ରେସ ନେତା ମଣିଶଙ୍କର ଆୟାର ନିଜ ଦଳର ନେତାଙ୍କ ପ୍ରତି କଟୁ ମନ୍ତବ୍ୟ ଦେଇଛନ୍ତି। ସେ ବାମ ସରକାରର ପ୍ରଶଂସା କରି ପିନାରାଇ ବିଜୟନ ପୁଣି ମୁଖ୍ୟମନ୍ତ୍ରୀ ହେବେ ବୋଲି କହିଛନ୍ତି। କଂଗ୍ରେସ ସାଧାରଣ ସମ୍ପାଦକ ଜୟରାମ ରମେଶ ଏହି ମନ୍ତବ୍ୟରୁ ଦଳ ଦୂରେଇ ରହିଛି ବୋଲି କହିଛନ୍ତି। ଆୟାରଙ୍କ ମନ୍ତବ୍ୟ ତାଙ୍କ ବ୍ୟକ୍ତିଗତ ମତ ବୋଲି ଦଳ ସ୍ପଷ୍ଟ କରିଛି। ଏହାକୁ ନେଇ ଦଳ ଭିତରେ
କେରଳ ବିଧାନସଭା ନିର୍ବାଚନ ପୂର୍ବରୁ ବରିଷ୍ଠ କଂଗ୍ରେସ ନେତା ମଣିଶଙ୍କର ଆୟାର ନିଜ ଦଳର
କେରଳ ବିଧାନସଭା ନିର୍ବାଚନ ପୂର୍ବରୁ ବରିଷ୍ଠ କଂଗ୍ରେସ ନେତା ମଣିଶଙ୍କର ଆୟାର ନିଜ ଦଳର ନେତାଙ୍କ ପ୍ରତି କଟୁ ମନ୍ତବ୍ୟ ଦେଇଛନ୍ତି। ସେ ବାମ ସରକାରର ପ୍ରଶଂସା କରି ପିନାରାଇ ବିଜୟନ ପୁଣି ମୁଖ୍ୟମନ୍ତ୍ରୀ ହେବେ ବୋଲି କହିଛନ୍ତି। କଂଗ୍ରେସ ସାଧାରଣ ସମ୍ପାଦକ ଜୟରାମ ରମେଶ ଏହି ମନ୍ତବ୍ୟରୁ ଦଳ ଦୂରେଇ ରହିଛି ବୋଲି କହିଛନ୍ତି। ଆୟାରଙ୍କ ମନ୍ତବ୍ୟ ତାଙ୍କ ବ୍ୟକ୍ତିଗତ ମତ ବୋଲି ଦଳ ସ୍ପଷ୍ଟ କରିଛି। ଏହାକୁ ନେଇ ଦଳ ଭିତରେ ଅସନ୍ତୋଷ ଦେଖାଦେଇଛି। ବିଜେପି ଏହି ପ୍ରସଙ୍ଗରେ କଂଗ୍ରେସକୁ ଟାର୍ଗେଟ କରିଛି।
